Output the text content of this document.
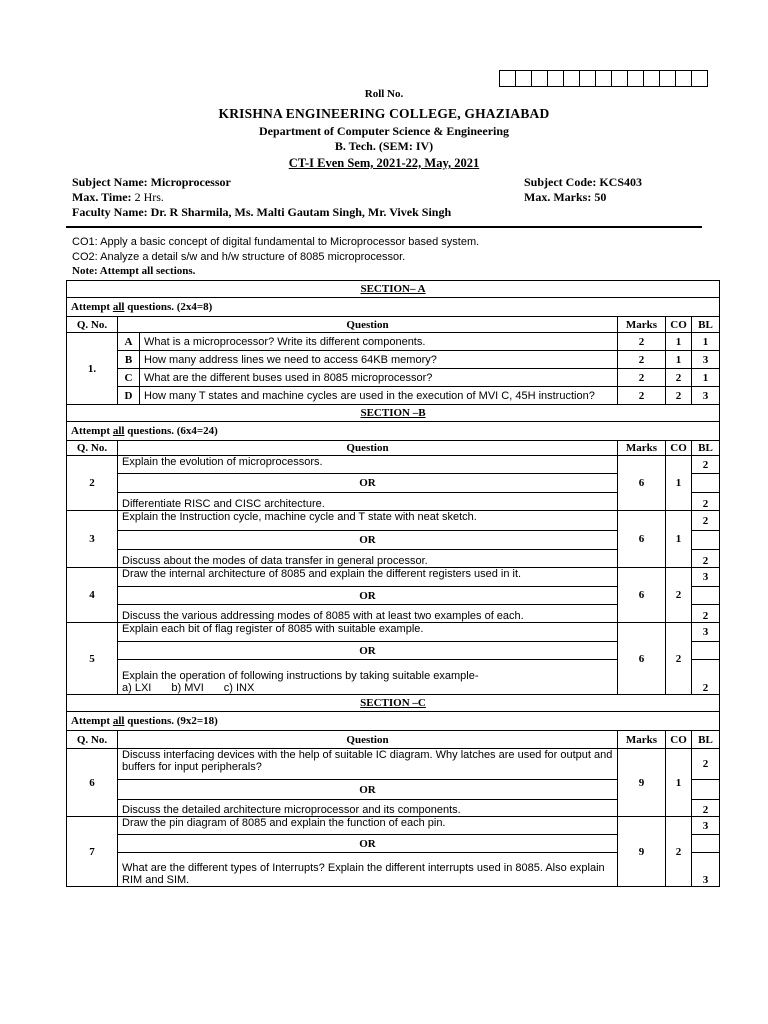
Roll No.
KRISHNA ENGINEERING COLLEGE, GHAZIABAD
Department of Computer Science & Engineering
B. Tech. (SEM: IV)
CT-I Even Sem, 2021-22, May, 2021
Subject Name: Microprocessor
Max. Time: 2 Hrs.
Faculty Name: Dr. R Sharmila, Ms. Malti Gautam Singh, Mr. Vivek Singh
Subject Code: KCS403
Max. Marks: 50
CO1: Apply a basic concept of digital fundamental to Microprocessor based system.
CO2: Analyze a detail s/w and h/w structure of 8085 microprocessor.
Note: Attempt all sections.
SECTION– A					
Attempt all questions. (2x4=8)					
Q. No.	Question		Marks	CO	BL
1.	A	What is a microprocessor? Write its different components.	2	1	1
	B	How many address lines we need to access 64KB memory?	2	1	3
	C	What are the different buses used in 8085 microprocessor?	2	2	1
	D	How many T states and machine cycles are used in the execution of MVI C, 45H instruction?	2	2	3
SECTION –B					
Attempt all questions. (6x4=24)					
Q. No.	Question		Marks	CO	BL
2	Explain the evolution of microprocessors.		6	1	2
	OR				

	Differentiate RISC and CISC architecture.				2
3	Explain the Instruction cycle, machine cycle and T state with neat sketch.		6	1	2
	OR				

	Discuss about the modes of data transfer in general processor.				2
4	Draw the internal architecture of 8085 and explain the different registers used in it.		6	2	3
	OR				

	Discuss the various addressing modes of 8085 with at least two examples of each.				2
5	Explain each bit of flag register of 8085 with suitable example.		6	2	3
	OR				

	Explain the operation of following instructions by taking suitable example-
a) LXI b) MVI c) INX				2
SECTION –C					
Attempt all questions. (9x2=18)					
Q. No.	Question		Marks	CO	BL
6	Discuss interfacing devices with the help of suitable IC diagram. Why latches are used for output and buffers for input peripherals?		9	1	2
	OR				

	Discuss the detailed architecture microprocessor and its components.				2
7	Draw the pin diagram of 8085 and explain the function of each pin.		9	2	3
	OR				

	What are the different types of Interrupts? Explain the different interrupts used in 8085. Also explain RIM and SIM.				3
